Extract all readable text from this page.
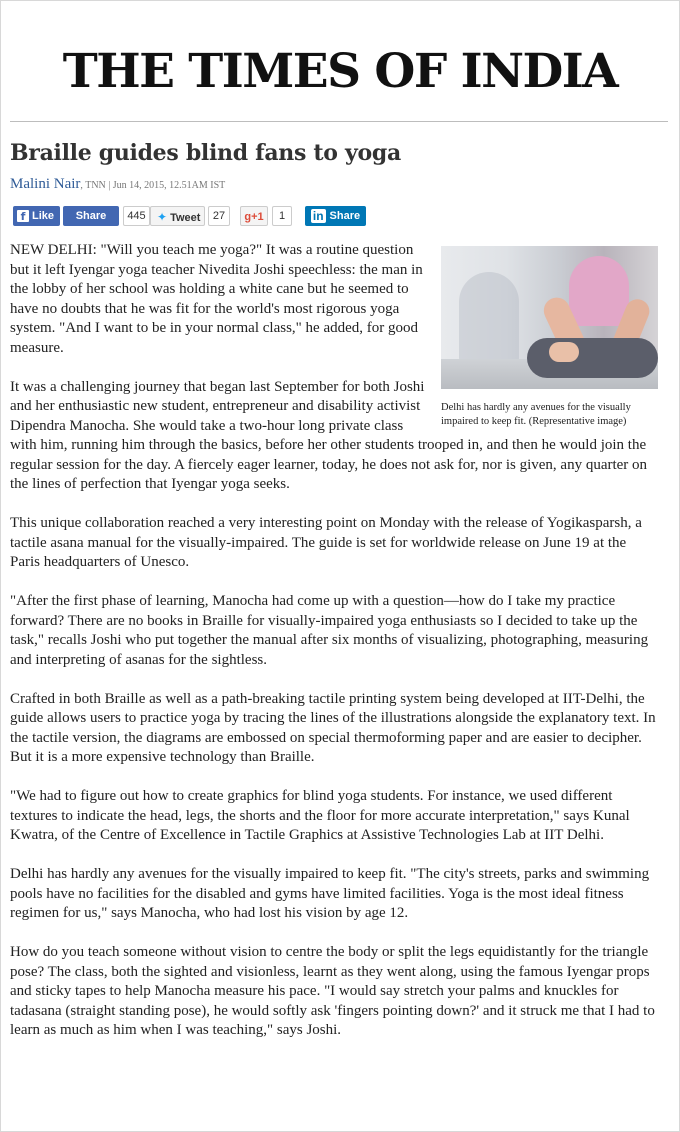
THE TIMES OF INDIA
Braille guides blind fans to yoga
Malini Nair, TNN | Jun 14, 2015, 12.51AM IST
f Like	Share	445 ✦ Tweet	27	g+1	1	in Share
Delhi has hardly any avenues for the visually impaired to keep fit. (Representative image)

NEW DELHI: "Will you teach me yoga?" It was a routine question but it left Iyengar yoga teacher Nivedita Joshi speechless: the man in the lobby of her school was holding a white cane but he seemed to have no doubts that he was fit for the world's most rigorous yoga system. "And I want to be in your normal class," he added, for good measure.

It was a challenging journey that began last September for both Joshi and her enthusiastic new student, entrepreneur and disability activist Dipendra Manocha. She would take a two-hour long private class with him, running him through the basics, before her other students trooped in, and then he would join the regular session for the day. A fiercely eager learner, today, he does not ask for, nor is given, any quarter on the lines of perfection that Iyengar yoga seeks.

This unique collaboration reached a very interesting point on Monday with the release of Yogikasparsh, a tactile asana manual for the visually-impaired. The guide is set for worldwide release on June 19 at the Paris headquarters of Unesco.

"After the first phase of learning, Manocha had come up with a question—how do I take my practice forward? There are no books in Braille for visually-impaired yoga enthusiasts so I decided to take up the task," recalls Joshi who put together the manual after six months of visualizing, photographing, measuring and interpreting of asanas for the sightless.

Crafted in both Braille as well as a path-breaking tactile printing system being developed at IIT-Delhi, the guide allows users to practice yoga by tracing the lines of the illustrations alongside the explanatory text. In the tactile version, the diagrams are embossed on special thermoforming paper and are easier to decipher. But it is a more expensive technology than Braille.

"We had to figure out how to create graphics for blind yoga students. For instance, we used different textures to indicate the head, legs, the shorts and the floor for more accurate interpretation," says Kunal Kwatra, of the Centre of Excellence in Tactile Graphics at Assistive Technologies Lab at IIT Delhi.

Delhi has hardly any avenues for the visually impaired to keep fit. "The city's streets, parks and swimming pools have no facilities for the disabled and gyms have limited facilities. Yoga is the most ideal fitness regimen for us," says Manocha, who had lost his vision by age 12.

How do you teach someone without vision to centre the body or split the legs equidistantly for the triangle pose? The class, both the sighted and visionless, learnt as they went along, using the famous Iyengar props and sticky tapes to help Manocha measure his pace. "I would say stretch your palms and knuckles for tadasana (straight standing pose), he would softly ask 'fingers pointing down?' and it struck me that I had to learn as much as him when I was teaching," says Joshi.
